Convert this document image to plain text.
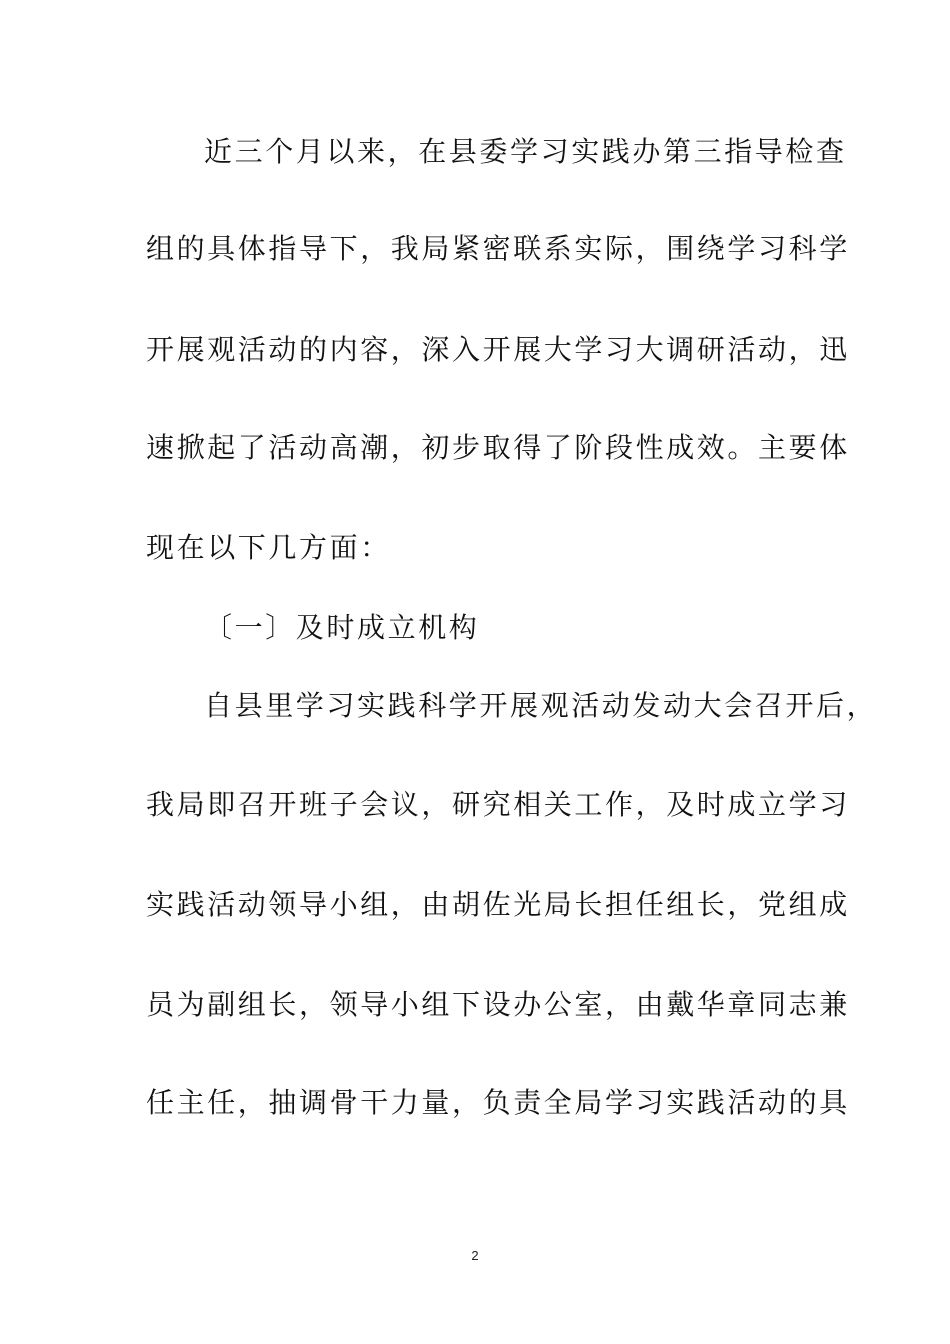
近三个月以来，在县委学习实践办第三指导检查
组的具体指导下，我局紧密联系实际，围绕学习科学
开展观活动的内容，深入开展大学习大调研活动，迅
速掀起了活动高潮，初步取得了阶段性成效。主要体
现在以下几方面：
〔一〕及时成立机构
自县里学习实践科学开展观活动发动大会召开后，
我局即召开班子会议，研究相关工作，及时成立学习
实践活动领导小组，由胡佐光局长担任组长，党组成
员为副组长，领导小组下设办公室，由戴华章同志兼
任主任，抽调骨干力量，负责全局学习实践活动的具
2
